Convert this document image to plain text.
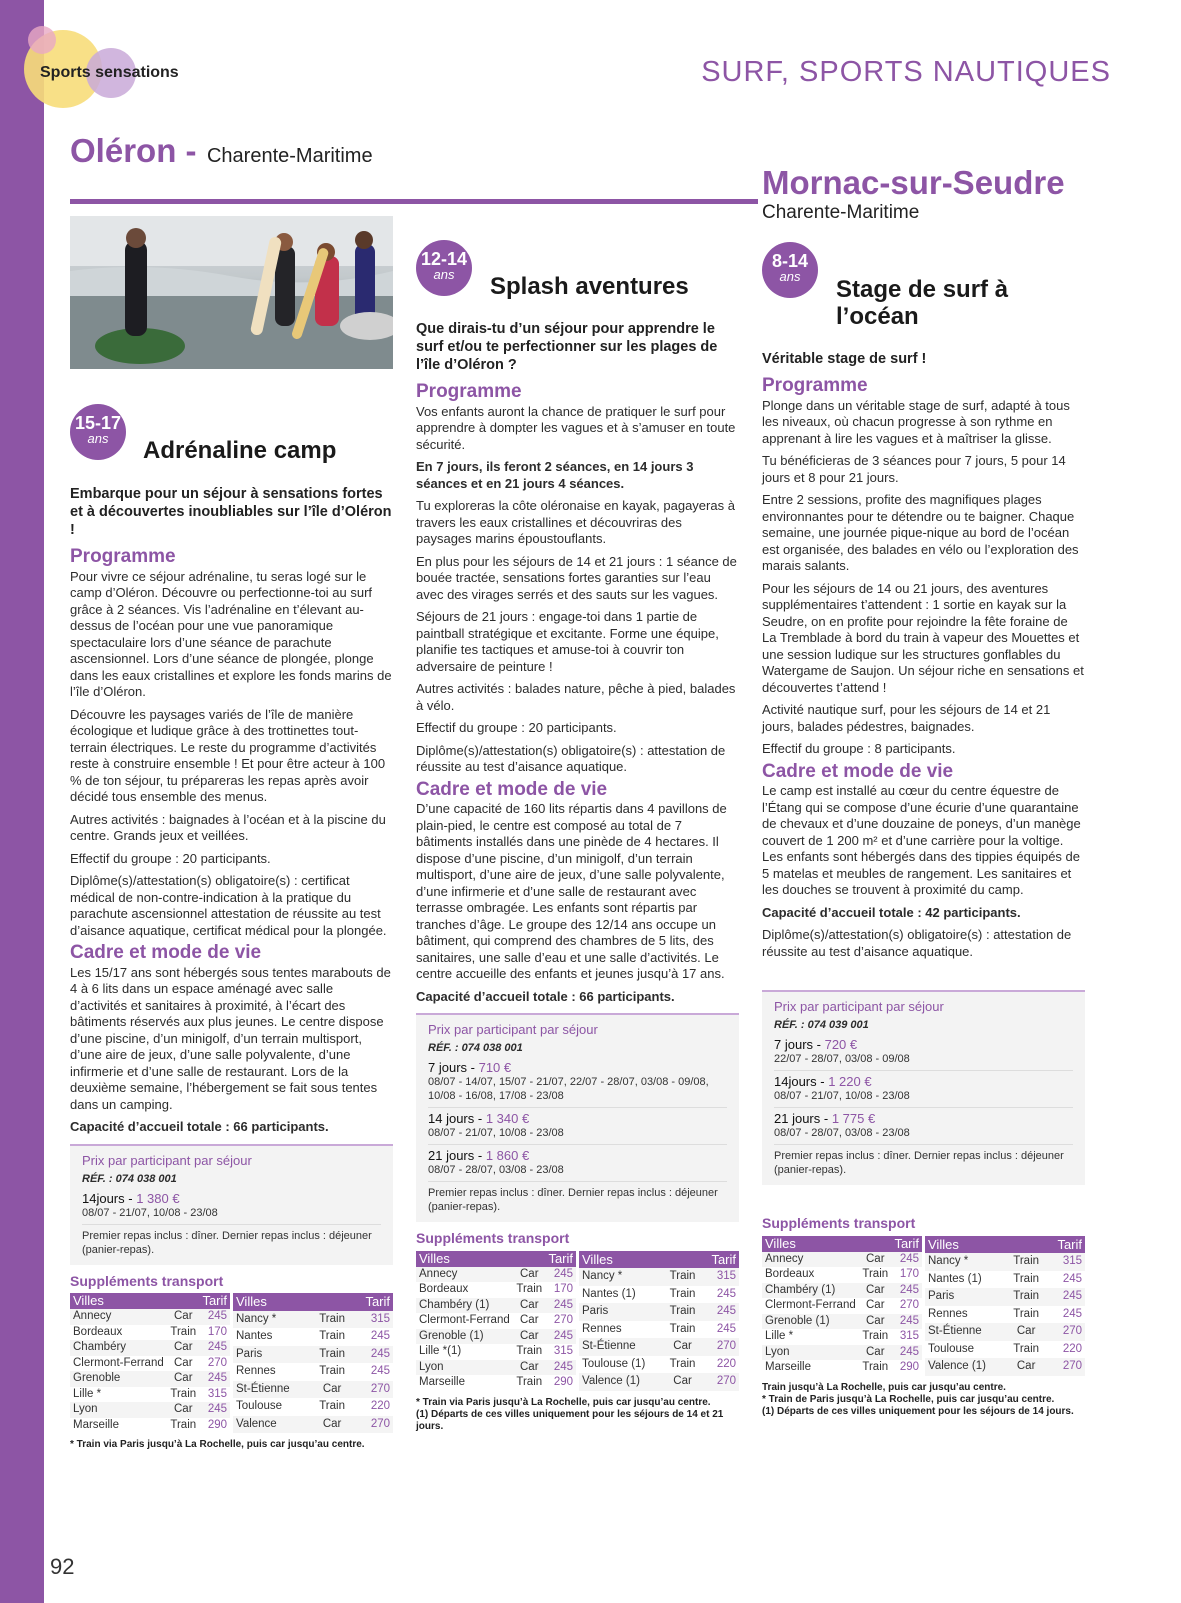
Sports sensations	SURF, SPORTS NAUTIQUES
Oléron - Charente-Maritime
Mornac-sur-Seudre
Charente-Maritime
15-17
ans	Adrénaline camp
Embarque pour un séjour à sensations fortes et à découvertes inoubliables sur l’île d’Oléron !
Programme

Pour vivre ce séjour adrénaline, tu seras logé sur le camp d’Oléron. Découvre ou perfectionne-toi au surf grâce à 2 séances. Vis l’adrénaline en t’élevant au-dessus de l’océan pour une vue panoramique spectaculaire lors d’une séance de parachute ascensionnel. Lors d’une séance de plongée, plonge dans les eaux cristallines et explore les fonds marins de l’île d’Oléron.

Découvre les paysages variés de l’île de manière écologique et ludique grâce à des trottinettes tout-terrain électriques. Le reste du programme d’activités reste à construire ensemble ! Et pour être acteur à 100 % de ton séjour, tu prépareras les repas après avoir décidé tous ensemble des menus.

Autres activités : baignades à l’océan et à la piscine du centre. Grands jeux et veillées.

Effectif du groupe : 20 participants.

Diplôme(s)/attestation(s) obligatoire(s) : certificat médical de non-contre-indication à la pratique du parachute ascensionnel attestation de réussite au test d’aisance aquatique, certificat médical pour la plongée.

Cadre et mode de vie

Les 15/17 ans sont hébergés sous tentes marabouts de 4 à 6 lits dans un espace aménagé avec salle d’activités et sanitaires à proximité, à l’écart des bâtiments réservés aux plus jeunes. Le centre dispose d’une piscine, d’un minigolf, d’un terrain multisport, d’une aire de jeux, d’une salle polyvalente, d’une infirmerie et d’une salle de restaurant. Lors de la deuxième semaine, l’hébergement se fait sous tentes dans un camping.

Capacité d’accueil totale : 66 participants.

Prix par participant par séjour
RÉF. : 074 038 001
14jours - 1 380 €
08/07 - 21/07, 10/08 - 23/08
Premier repas inclus : dîner. Dernier repas inclus : déjeuner (panier-repas).
Suppléments transport
Villes		Tarif
Annecy	Car	245
Bordeaux	Train	170
Chambéry	Car	245
Clermont-Ferrand	Car	270
Grenoble	Car	245
Lille *	Train	315
Lyon	Car	245
Marseille	Train	290
Villes		Tarif
Nancy *	Train	315
Nantes	Train	245
Paris	Train	245
Rennes	Train	245
St-Étienne	Car	270
Toulouse	Train	220
Valence	Car	270
* Train via Paris jusqu’à La Rochelle, puis car jusqu’au centre.
12-14
ans	Splash aventures
Que dirais-tu d’un séjour pour apprendre le surf et/ou te perfectionner sur les plages de l’île d’Oléron ?
Programme

Vos enfants auront la chance de pratiquer le surf pour apprendre à dompter les vagues et à s’amuser en toute sécurité.

En 7 jours, ils feront 2 séances, en 14 jours 3 séances et en 21 jours 4 séances.

Tu exploreras la côte oléronaise en kayak, pagayeras à travers les eaux cristallines et découvriras des paysages marins époustouflants.

En plus pour les séjours de 14 et 21 jours : 1 séance de bouée tractée, sensations fortes garanties sur l’eau avec des virages serrés et des sauts sur les vagues.

Séjours de 21 jours : engage-toi dans 1 partie de paintball stratégique et excitante. Forme une équipe, planifie tes tactiques et amuse-toi à couvrir ton adversaire de peinture !

Autres activités : balades nature, pêche à pied, balades à vélo.

Effectif du groupe : 20 participants.

Diplôme(s)/attestation(s) obligatoire(s) : attestation de réussite au test d’aisance aquatique.

Cadre et mode de vie

D’une capacité de 160 lits répartis dans 4 pavillons de plain-pied, le centre est composé au total de 7 bâtiments installés dans une pinède de 4 hectares. Il dispose d’une piscine, d’un minigolf, d’un terrain multisport, d’une aire de jeux, d’une salle polyvalente, d’une infirmerie et d’une salle de restaurant avec terrasse ombragée. Les enfants sont répartis par tranches d’âge. Le groupe des 12/14 ans occupe un bâtiment, qui comprend des chambres de 5 lits, des sanitaires, une salle d’eau et une salle d’activités. Le centre accueille des enfants et jeunes jusqu’à 17 ans.

Capacité d’accueil totale : 66 participants.

Prix par participant par séjour
RÉF. : 074 038 001
7 jours - 710 €
08/07 - 14/07, 15/07 - 21/07, 22/07 - 28/07, 03/08 - 09/08, 10/08 - 16/08, 17/08 - 23/08
14 jours - 1 340 €
08/07 - 21/07, 10/08 - 23/08
21 jours - 1 860 €
08/07 - 28/07, 03/08 - 23/08
Premier repas inclus : dîner. Dernier repas inclus : déjeuner (panier-repas).
Suppléments transport
Villes		Tarif
Annecy	Car	245
Bordeaux	Train	170
Chambéry (1)	Car	245
Clermont-Ferrand	Car	270
Grenoble (1)	Car	245
Lille *(1)	Train	315
Lyon	Car	245
Marseille	Train	290
Villes		Tarif
Nancy *	Train	315
Nantes (1)	Train	245
Paris	Train	245
Rennes	Train	245
St-Étienne	Car	270
Toulouse (1)	Train	220
Valence (1)	Car	270
* Train via Paris jusqu’à La Rochelle, puis car jusqu’au centre.
(1) Départs de ces villes uniquement pour les séjours de 14 et 21 jours.
8-14
ans	Stage de surf à
l’océan
Véritable stage de surf !
Programme

Plonge dans un véritable stage de surf, adapté à tous les niveaux, où chacun progresse à son rythme en apprenant à lire les vagues et à maîtriser la glisse.

Tu bénéficieras de 3 séances pour 7 jours, 5 pour 14 jours et 8 pour 21 jours.

Entre 2 sessions, profite des magnifiques plages environnantes pour te détendre ou te baigner. Chaque semaine, une journée pique-nique au bord de l’océan est organisée, des balades en vélo ou l’exploration des marais salants.

Pour les séjours de 14 ou 21 jours, des aventures supplémentaires t’attendent : 1 sortie en kayak sur la Seudre, on en profite pour rejoindre la fête foraine de La Tremblade à bord du train à vapeur des Mouettes et une session ludique sur les structures gonflables du Watergame de Saujon. Un séjour riche en sensations et découvertes t’attend !

Activité nautique surf, pour les séjours de 14 et 21 jours, balades pédestres, baignades.

Effectif du groupe : 8 participants.

Cadre et mode de vie

Le camp est installé au cœur du centre équestre de l’Étang qui se compose d’une écurie d’une quarantaine de chevaux et d’une douzaine de poneys, d’un manège couvert de 1 200 m² et d’une carrière pour la voltige. Les enfants sont hébergés dans des tippies équipés de 5 matelas et meubles de rangement. Les sanitaires et les douches se trouvent à proximité du camp.

Capacité d’accueil totale : 42 participants.

Diplôme(s)/attestation(s) obligatoire(s) : attestation de réussite au test d’aisance aquatique.

Prix par participant par séjour
RÉF. : 074 039 001
7 jours - 720 €
22/07 - 28/07, 03/08 - 09/08
14jours - 1 220 €
08/07 - 21/07, 10/08 - 23/08
21 jours - 1 775 €
08/07 - 28/07, 03/08 - 23/08
Premier repas inclus : dîner. Dernier repas inclus : déjeuner (panier-repas).
Suppléments transport
Villes		Tarif
Annecy	Car	245
Bordeaux	Train	170
Chambéry (1)	Car	245
Clermont-Ferrand	Car	270
Grenoble (1)	Car	245
Lille *	Train	315
Lyon	Car	245
Marseille	Train	290
Villes		Tarif
Nancy *	Train	315
Nantes (1)	Train	245
Paris	Train	245
Rennes	Train	245
St-Étienne	Car	270
Toulouse	Train	220
Valence (1)	Car	270
Train jusqu’à La Rochelle, puis car jusqu’au centre.
* Train de Paris jusqu’à La Rochelle, puis car jusqu’au centre.
(1) Départs de ces villes uniquement pour les séjours de 14 jours.
92
